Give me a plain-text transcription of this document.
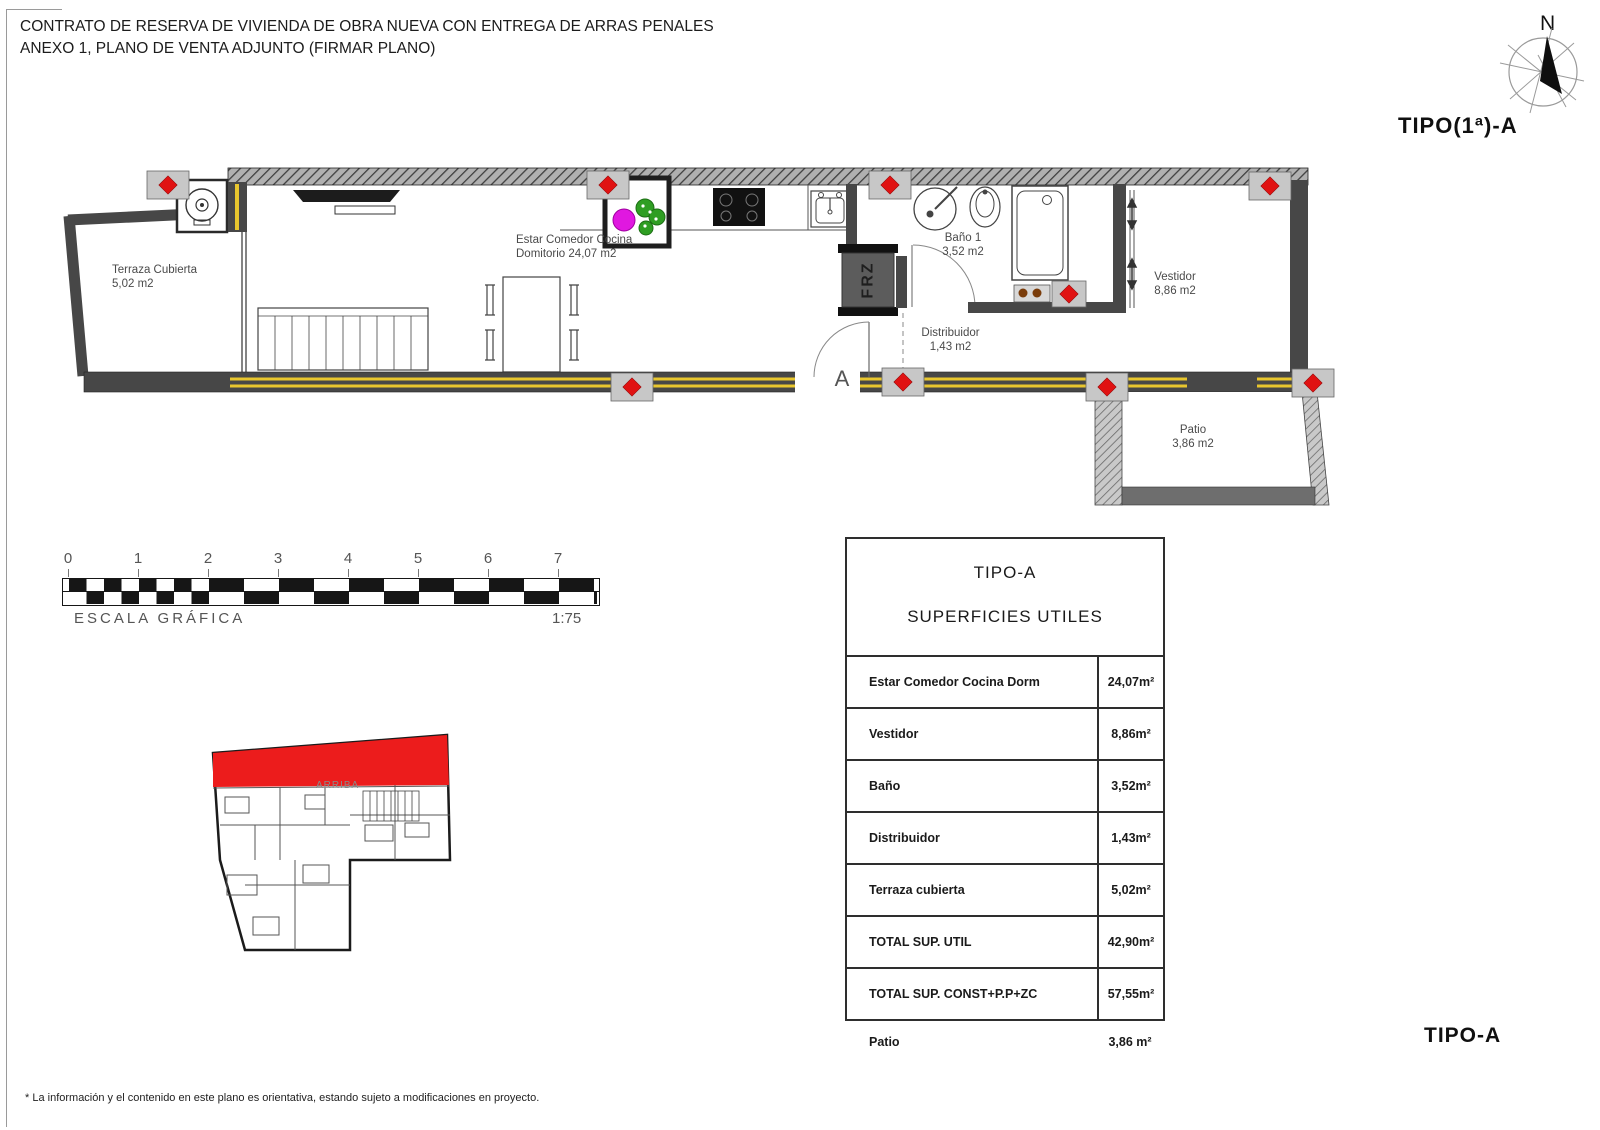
CONTRATO DE RESERVA DE VIVIENDA DE OBRA NUEVA CON ENTREGA DE ARRAS PENALES
ANEXO 1, PLANO DE VENTA ADJUNTO (FIRMAR PLANO)
N
TIPO(1ª)-A
Terraza Cubierta
5,02 m2
Estar Comedor Cocina
Domitorio 24,07 m2
Baño 1
3,52 m2
Distribuidor
1,43 m2
Vestidor
8,86 m2
Patio
3,86 m2
FRZ
A
0	1	2	3	4	5	6	7
ESCALA GRÁFICA	1:75
ARRIBA
TIPO-A
SUPERFICIES UTILES
Estar Comedor Cocina Dorm	24,07m²
Vestidor	8,86m²
Baño	3,52m²
Distribuidor	1,43m²
Terraza cubierta	5,02m²
TOTAL SUP. UTIL	42,90m²
TOTAL SUP. CONST+P.P+ZC	57,55m²
Patio	3,86 m²
* La información y el contenido en este plano es orientativa, estando sujeto a modificaciones en proyecto.
TIPO-A
